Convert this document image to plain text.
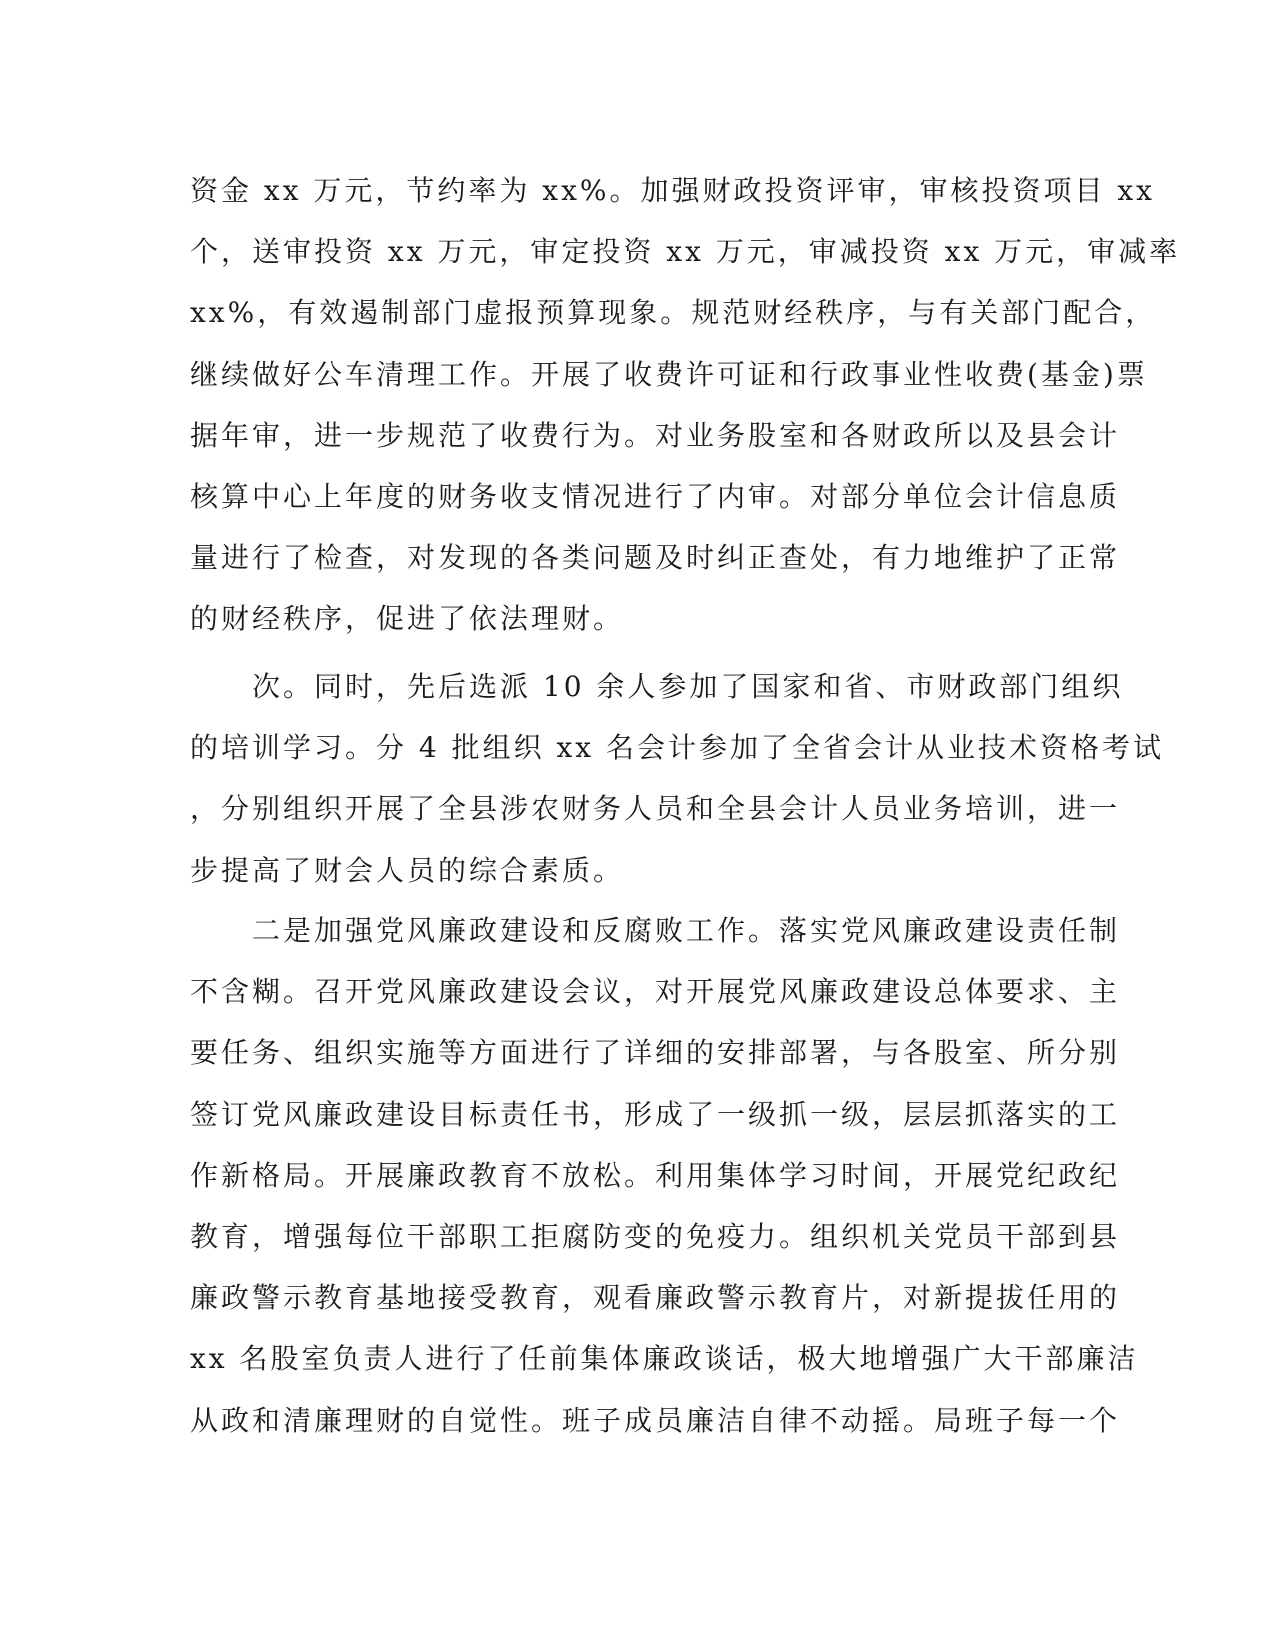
资金 xx 万元，节约率为 xx%。加强财政投资评审，审核投资项目 xx
个，送审投资 xx 万元，审定投资 xx 万元，审减投资 xx 万元，审减率
xx%，有效遏制部门虚报预算现象。规范财经秩序，与有关部门配合，
继续做好公车清理工作。开展了收费许可证和行政事业性收费(基金)票
据年审，进一步规范了收费行为。对业务股室和各财政所以及县会计
核算中心上年度的财务收支情况进行了内审。对部分单位会计信息质
量进行了检查，对发现的各类问题及时纠正查处，有力地维护了正常
的财经秩序，促进了依法理财。
　　次。同时，先后选派 10 余人参加了国家和省、市财政部门组织
的培训学习。分 4 批组织 xx 名会计参加了全省会计从业技术资格考试
，分别组织开展了全县涉农财务人员和全县会计人员业务培训，进一
步提高了财会人员的综合素质。
　　二是加强党风廉政建设和反腐败工作。落实党风廉政建设责任制
不含糊。召开党风廉政建设会议，对开展党风廉政建设总体要求、主
要任务、组织实施等方面进行了详细的安排部署，与各股室、所分别
签订党风廉政建设目标责任书，形成了一级抓一级，层层抓落实的工
作新格局。开展廉政教育不放松。利用集体学习时间，开展党纪政纪
教育，增强每位干部职工拒腐防变的免疫力。组织机关党员干部到县
廉政警示教育基地接受教育，观看廉政警示教育片，对新提拔任用的
xx 名股室负责人进行了任前集体廉政谈话，极大地增强广大干部廉洁
从政和清廉理财的自觉性。班子成员廉洁自律不动摇。局班子每一个
